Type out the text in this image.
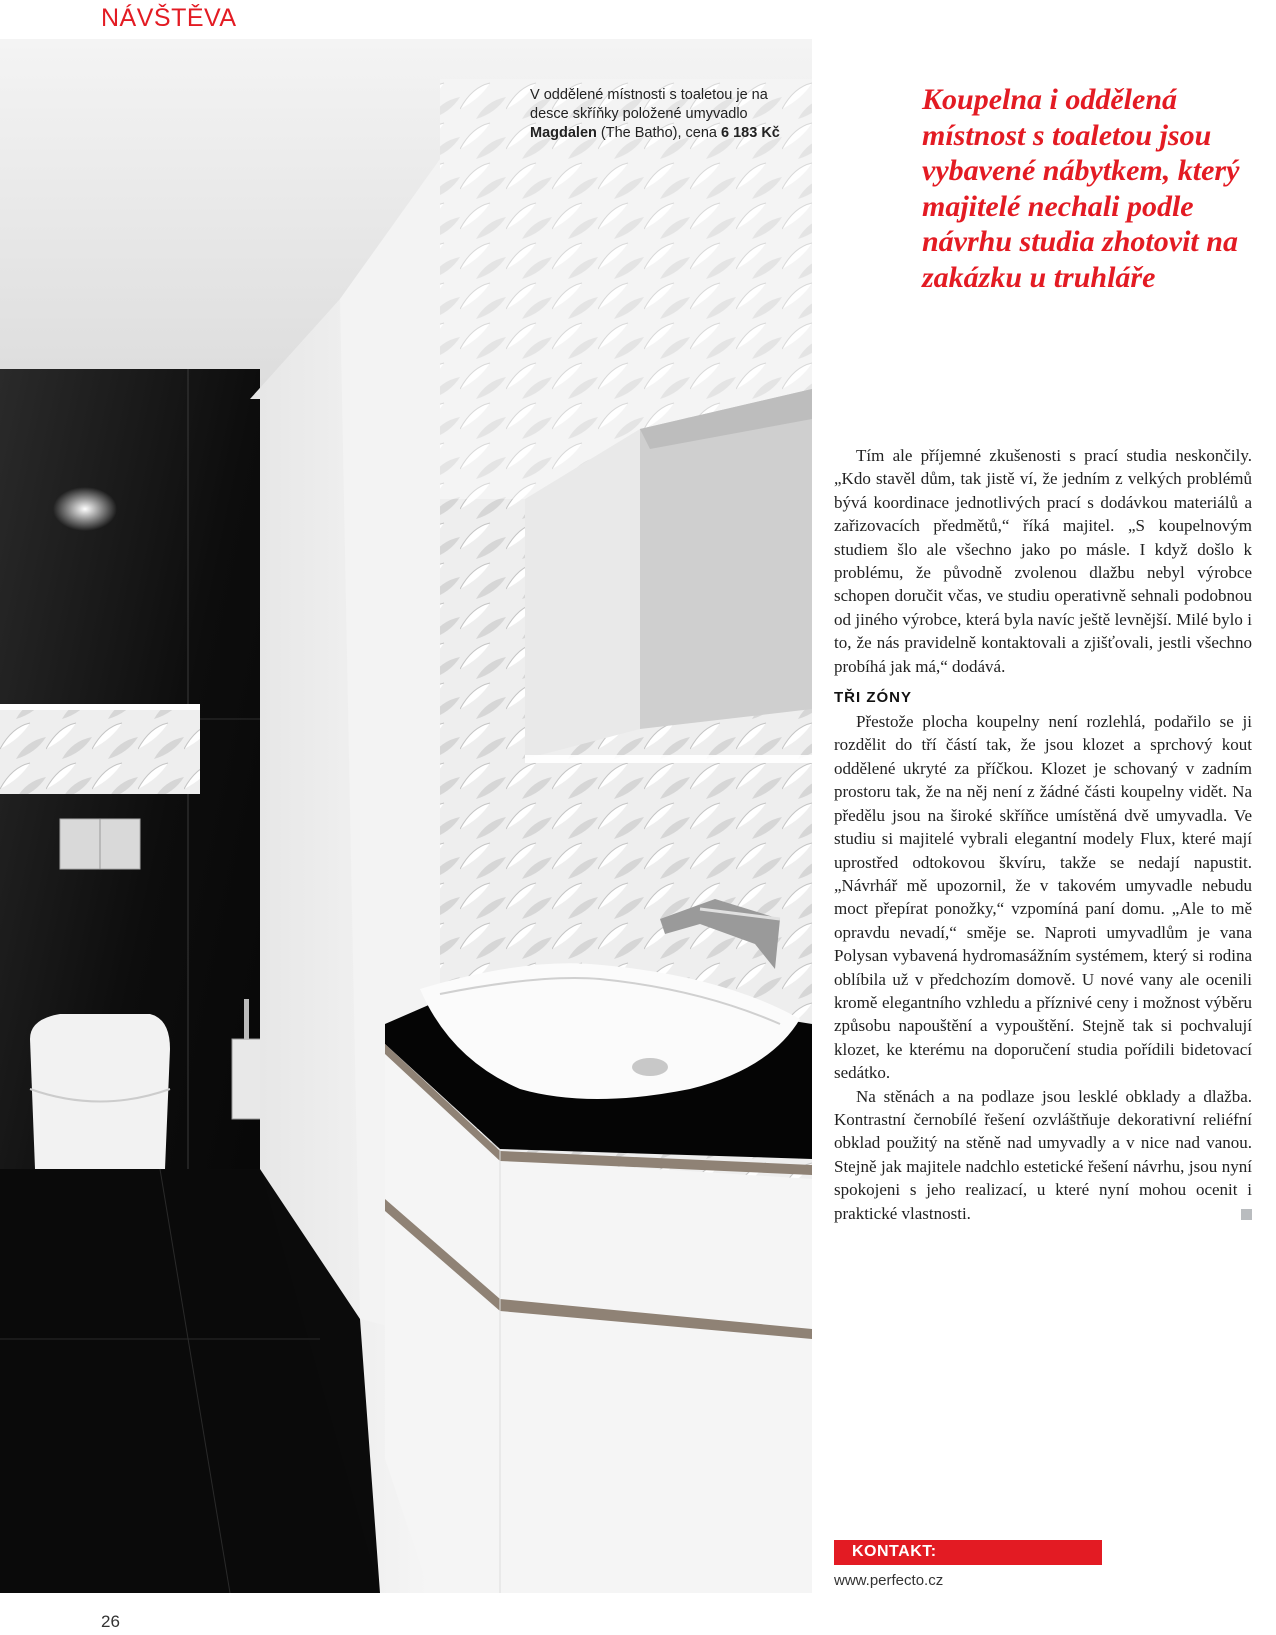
NÁVŠTĚVA
V oddělené místnosti s toaletou je na desce skříňky položené umyvadlo Magdalen (The Batho), cena 6 183 Kč
Koupelna i oddělená místnost s toaletou jsou vybavené nábytkem, který majitelé nechali podle návrhu studia zhotovit na zakázku u truhláře

Tím ale příjemné zkušenosti s prací studia neskončily. „Kdo stavěl dům, tak jistě ví, že jedním z velkých problémů bývá koordinace jednotlivých prací s dodávkou materiálů a zařizovacích předmětů,“ říká majitel. „S koupelnovým studiem šlo ale všechno jako po másle. I když došlo k problému, že původně zvolenou dlažbu nebyl výrobce schopen doručit včas, ve studiu operativně sehnali podobnou od jiného výrobce, která byla navíc ještě levnější. Milé bylo i to, že nás pravidelně kontaktovali a zjišťovali, jestli všechno probíhá jak má,“ dodává.

TŘI ZÓNY

Přestože plocha koupelny není rozlehlá, podařilo se ji rozdělit do tří částí tak, že jsou klozet a sprchový kout oddělené ukryté za příčkou. Klozet je schovaný v zadním prostoru tak, že na něj není z žádné části koupelny vidět. Na předělu jsou na široké skříňce umístěná dvě umyvadla. Ve studiu si majitelé vybrali elegantní modely Flux, které mají uprostřed odtokovou škvíru, takže se nedají napustit. „Návrhář mě upozornil, že v takovém umyvadle nebudu moct přepírat ponožky,“ vzpomíná paní domu. „Ale to mě opravdu nevadí,“ směje se. Naproti umyvadlům je vana Polysan vybavená hydromasážním systémem, který si rodina oblíbila už v předchozím domově. U nové vany ale ocenili kromě elegantního vzhledu a příznivé ceny i možnost výběru způsobu napouštění a vypouštění. Stejně tak si pochvalují klozet, ke kterému na doporučení studia pořídili bidetovací sedátko.

Na stěnách a na podlaze jsou lesklé obklady a dlažba. Kontrastní černobílé řešení ozvláštňuje dekorativní reliéfní obklad použitý na stěně nad umyvadly a v nice nad vanou. Stejně jak majitele nadchlo estetické řešení návrhu, jsou nyní spokojeni s jeho realizací, u které nyní mohou ocenit i praktické vlastnosti.

KONTAKT:
www.perfecto.cz
26
